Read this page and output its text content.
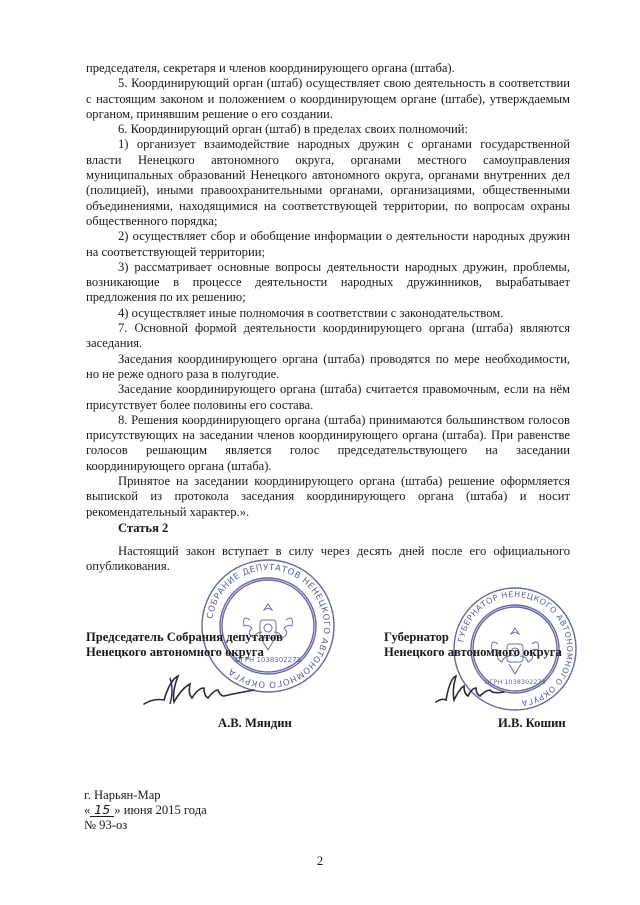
председателя, секретаря и членов координирующего органа (штаба).

5. Координирующий орган (штаб) осуществляет свою деятельность в соответствии с настоящим законом и положением о координирующем органе (штабе), утверждаемым органом, принявшим решение о его создании.

6. Координирующий орган (штаб) в пределах своих полномочий:

1) организует взаимодействие народных дружин с органами государственной власти Ненецкого автономного округа, органами местного самоуправления муниципальных образований Ненецкого автономного округа, органами внутренних дел (полицией), иными правоохранительными органами, организациями, общественными объединениями, находящимися на соответствующей территории, по вопросам охраны общественного порядка;

2) осуществляет сбор и обобщение информации о деятельности народных дружин на соответствующей территории;

3) рассматривает основные вопросы деятельности народных дружин, проблемы, возникающие в процессе деятельности народных дружинников, вырабатывает предложения по их решению;

4) осуществляет иные полномочия в соответствии с законодательством.

7. Основной формой деятельности координирующего органа (штаба) являются заседания.

Заседания координирующего органа (штаба) проводятся по мере необходимости, но не реже одного раза в полугодие.

Заседание координирующего органа (штаба) считается правомочным, если на нём присутствует более половины его состава.

8. Решения координирующего органа (штаба) принимаются большинством голосов присутствующих на заседании членов координирующего органа (штаба). При равенстве голосов решающим является голос председательствующего на заседании координирующего органа (штаба).

Принятое на заседании координирующего органа (штаба) решение оформляется выпиской из протокола заседания координирующего органа (штаба) и носит рекомендательный характер.».

Статья 2

Настоящий закон вступает в силу через десять дней после его официального опубликования.

СОБРАНИЕ ДЕПУТАТОВ НЕНЕЦКОГО АВТОНОМНОГО ОКРУГА
ОГРН 1038302273
ГУБЕРНАТОР НЕНЕЦКОГО АВТОНОМНОГО ОКРУГА
ОГРН 1038302273
Председатель Собрания депутатов
Ненецкого автономного округа
Губернатор
Ненецкого автономного округа
А.В. Мяндин	И.В. Кошин
г. Нарьян-Мар
« 15 » июня 2015 года
№ 93-оз
2
